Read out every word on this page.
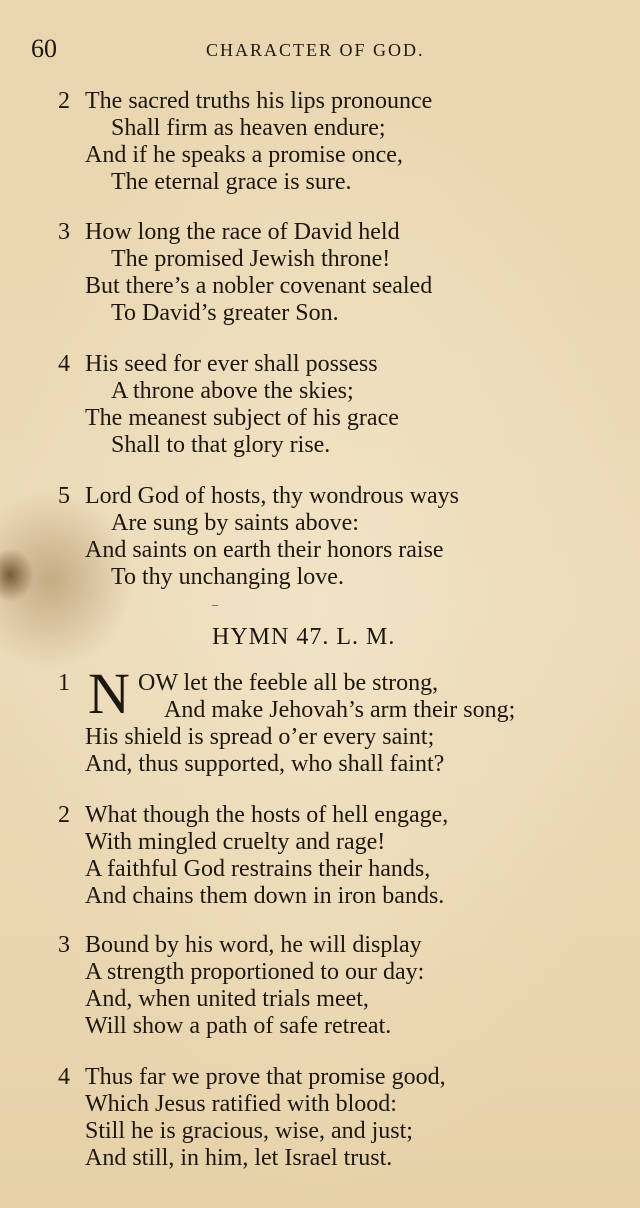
60	CHARACTER OF GOD.
2 The sacred truths his lips pronounce
Shall firm as heaven endure;
And if he speaks a promise once,
The eternal grace is sure.
3 How long the race of David held
The promised Jewish throne!
But there’s a nobler covenant sealed
To David’s greater Son.
4 His seed for ever shall possess
A throne above the skies;
The meanest subject of his grace
Shall to that glory rise.
5 Lord God of hosts, thy wondrous ways
Are sung by saints above:
And saints on earth their honors raise
To thy unchanging love.
HYMN 47. L. M.
1 N OW let the feeble all be strong,
And make Jehovah’s arm their song;
His shield is spread o’er every saint;
And, thus supported, who shall faint?
2 What though the hosts of hell engage,
With mingled cruelty and rage!
A faithful God restrains their hands,
And chains them down in iron bands.
3 Bound by his word, he will display
A strength proportioned to our day:
And, when united trials meet,
Will show a path of safe retreat.
4 Thus far we prove that promise good,
Which Jesus ratified with blood:
Still he is gracious, wise, and just;
And still, in him, let Israel trust.
